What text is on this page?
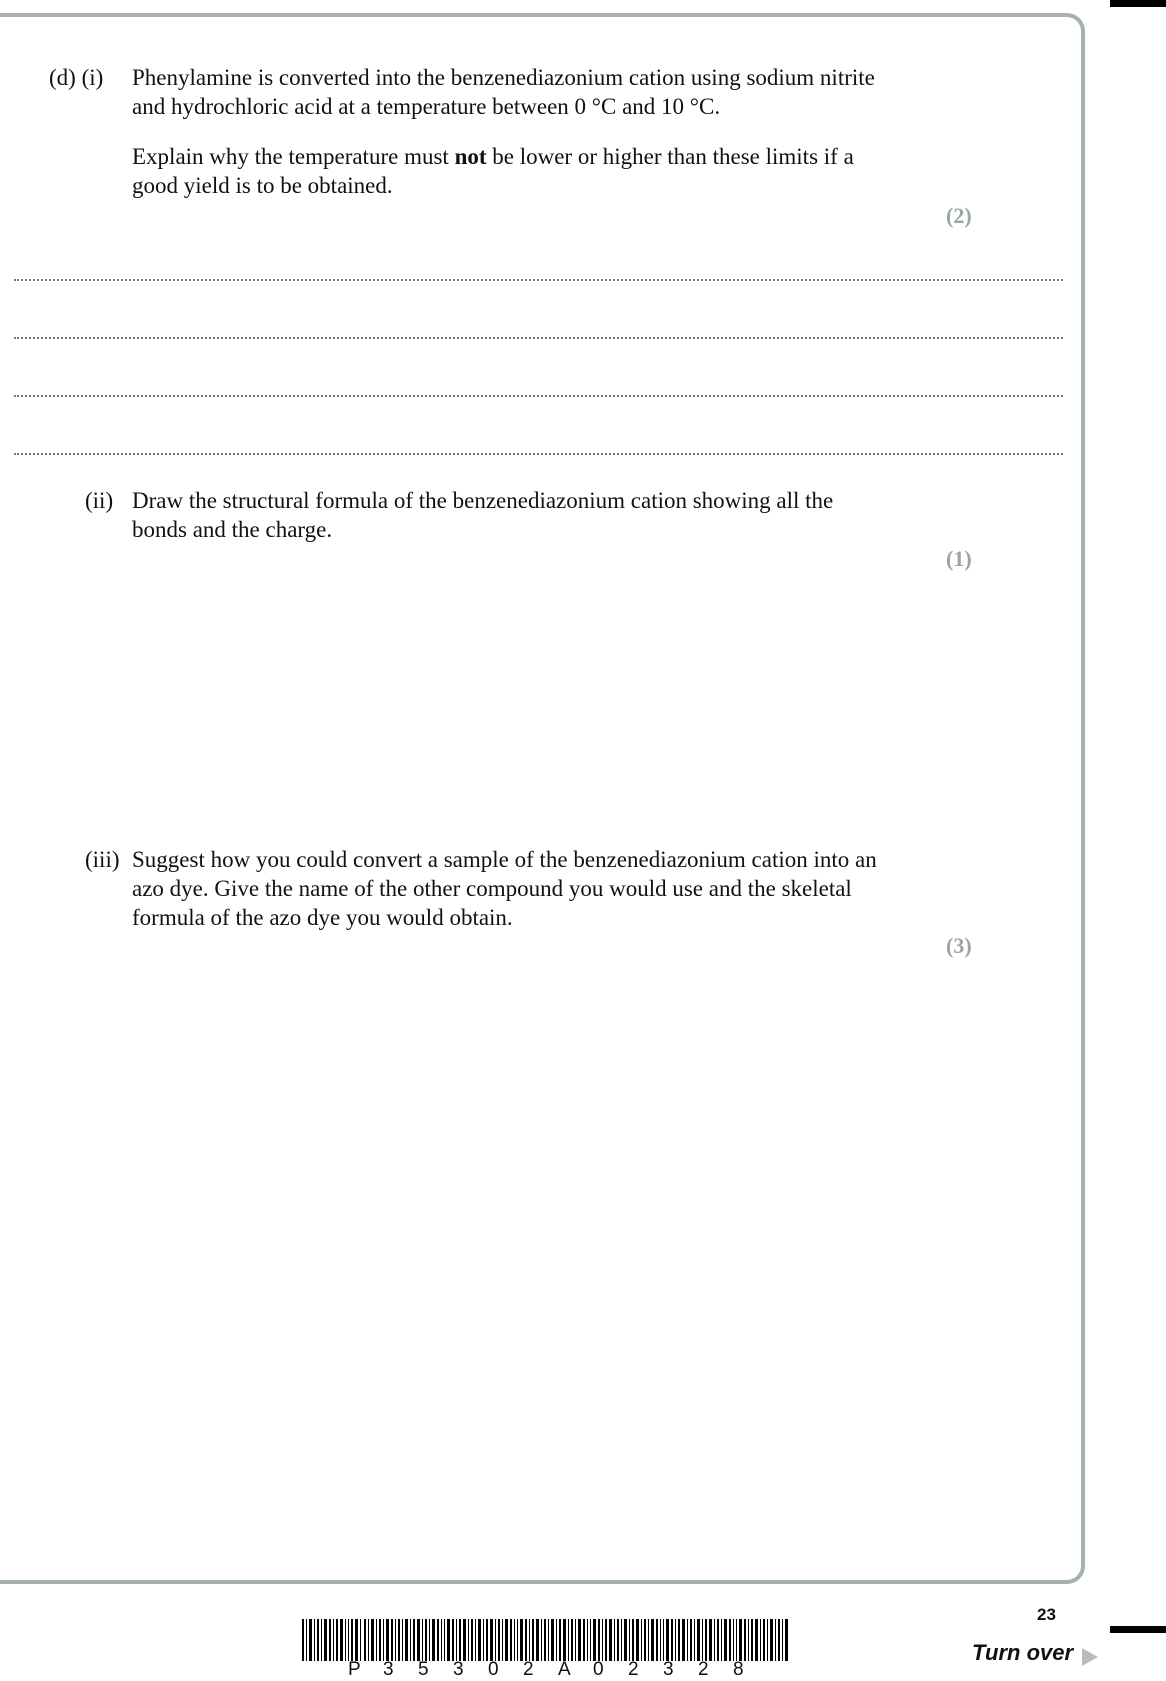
(d) (i) Phenylamine is converted into the benzenediazonium cation using sodium nitrite
and hydrochloric acid at a temperature between 0 °C and 10 °C.
Explain why the temperature must not be lower or higher than these limits if a
good yield is to be obtained.
(2)
(ii) Draw the structural formula of the benzenediazonium cation showing all the
bonds and the charge.
(1)
(iii) Suggest how you could convert a sample of the benzenediazonium cation into an
azo dye. Give the name of the other compound you would use and the skeletal
formula of the azo dye you would obtain.
(3)
23
P 3 5 3 0 2 A 0 2 3 2 8
Turn over
